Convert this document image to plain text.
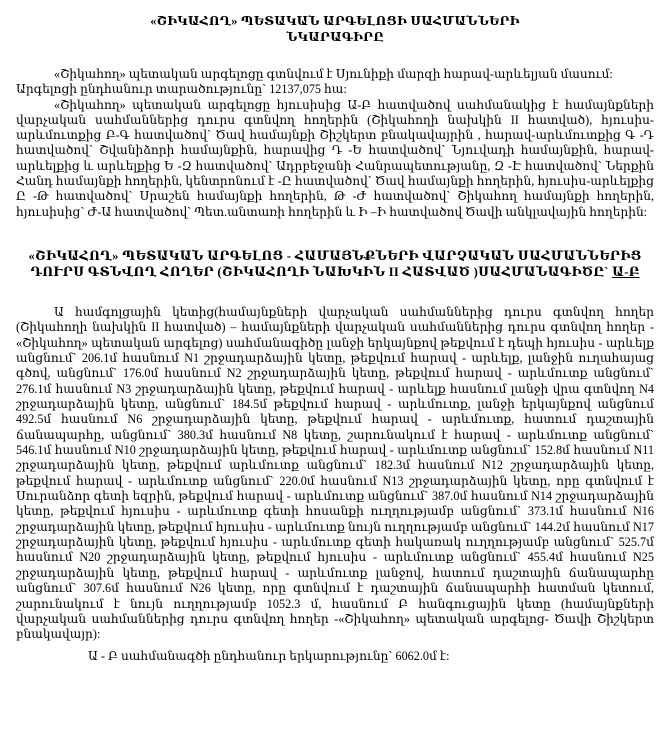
«ՇԻԿԱՀՈՂ» ՊԵՏԱԿԱՆ ԱՐԳԵԼՈՑԻ ՍԱՀՄԱՆՆԵՐԻ
ՆԿԱՐԱԳԻՐԸ

«Շիկահող» պետական արգելոցը գտնվում է Սյունիքի մարզի հարավ-արևելյան մասում:

Արգելոցի ընդհանուր տարածությունը` 12137,075 հա:

«Շիկահող» պետական արգելոցը հյուսիսից Ա-Բ հատվածով սահմանակից է համայնքների վարչական սահմաններից դուրս գտնվող հողերին (Շիկահողի նախկին II հատված), հյուսիս-արևմուտքից Բ-Գ հատվածով` Ծավ համայնքի Շիշկերտ բնակավայրին , հարավ-արևմուտքից Գ -Դ հատվածով` Շվանիձորի համայնքին, հարավից Դ -Ե հատվածով` Նյուվադի համայնքին, հարավ-արևելքից և արևելքից Ե -Զ հատվածով` Ադրբեջանի Հանրապետությանը, Զ -Է հատվածով` Ներքին Հանդ համայնքի հողերին, կենտրոնում է -Ը հատվածով` Ծավ համայնքի հողերին, հյուսիս-արևելքից Ը -Թ հատվածով` Սրաշեն համայնքի հողերին, Թ -Ժ հատվածով` Շիկահող համայնքի հողերին, հյուսիսից` Ժ-Ա հատվածով` Պետ.անտառի հողերին և Ի –Ի հատվածով Ծավի անկլավային հողերին:

«ՇԻԿԱՀՈՂ» ՊԵՏԱԿԱՆ ԱՐԳԵԼՈՑ - ՀԱՄԱՅՆՔՆԵՐԻ ՎԱՐՉԱԿԱՆ ՍԱՀՄԱՆՆԵՐԻՑ
ԴՈՒՐՍ ԳՏՆՎՈՂ ՀՈՂԵՐ (ՇԻԿԱՀՈՂԻ ՆԱԽԿԻՆ II ՀԱՏՎԱԾ )ՍԱՀՄԱՆԱԳԻԾԸ` Ա-Բ

Ա համգոլցային կետից(համայնքների վարչական սահմաններից դուրս գտնվող հողեր (Շիկահողի նախկին II հատված) – համայնքների վարչական սահմաններից դուրս գտնվող հողեր - «Շիկահող» պետական արգելոց) սահմանագիծը լանջի երկայնքով թեքվում է դեպի հյուսիս - արևելք անցնում` 206.1մ հասնում N1 շրջադարձային կետը, թեքվում հարավ - արևելք, լանջին ուղահայաց գծով, անցնում` 176.0մ հասնում N2 շրջադարձային կետը, թեքվում հարավ - արևմուտք անցնում` 276.1մ հասնում N3 շրջադարձային կետը, թեքվում հարավ - արևելք հասնում լանջի վրա գտնվող N4 շրջադարձային կետը, անցնում` 184.5մ թեքվում հարավ - արևմուտք, լանջի երկայնքով անցնում 492.5մ հասնում N6 շրջադարձային կետը, թեքվում հարավ - արևմուտք, հատում դաշտային ճանապարհը, անցնում` 380.3մ հասնում N8 կետը, շարունակում է հարավ - արևմուտք անցնում` 546.1մ հասնում N10 շրջադարձային կետը, թեքվում հարավ - արևմուտք անցնում` 152.8մ հասնում N11 շրջադարձային կետը, թեքվում արևմուտք անցնում` 182.3մ հասնում N12 շրջադարձային կետը, թեքվում հարավ - արևմուտք անցնում` 220.0մ հասնում N13 շրջադարձային կետը, որը գտնվում է Սուրանձոր գետի եզրին, թեքվում հարավ - արևմուտք անցնում` 387.0մ հասնում N14 շրջադարձային կետը, թեքվում հյուսիս - արևմուտք գետի հոսանքի ուղղությամբ անցնում` 373.1մ հասնում N16 շրջադարձային կետը, թեքվում հյուսիս - արևմուտք նույն ուղղությամբ անցնում` 144.2մ հասնում N17 շրջադարձային կետը, թեքվում հյուսիս - արևմուտք գետի հակառակ ուղղությամբ անցնում` 525.7մ հասնում N20 շրջադարձային կետը, թեքվում հյուսիս - արևմուտք անցնում` 455.4մ հասնում N25 շրջադարձային կետը, թեքվում հարավ - արևմուտք լանջով, հատում դաշտային ճանապարհը անցնում` 307.6մ հասնում N26 կետը, որը գտնվում է դաշտային ճանապարհի հատման կետում, շարունակում է նույն ուղղությամբ 1052.3 մ, հասնում Բ հանգուցային կետը (համայնքների վարչական սահմաններից դուրս գտնվող հողեր -«Շիկահող» պետական արգելոց- Ծավի Շիշկերտ բնակավայր):

Ա - Բ սահմանագծի ընդհանուր երկարությունը` 6062.0մ է:
